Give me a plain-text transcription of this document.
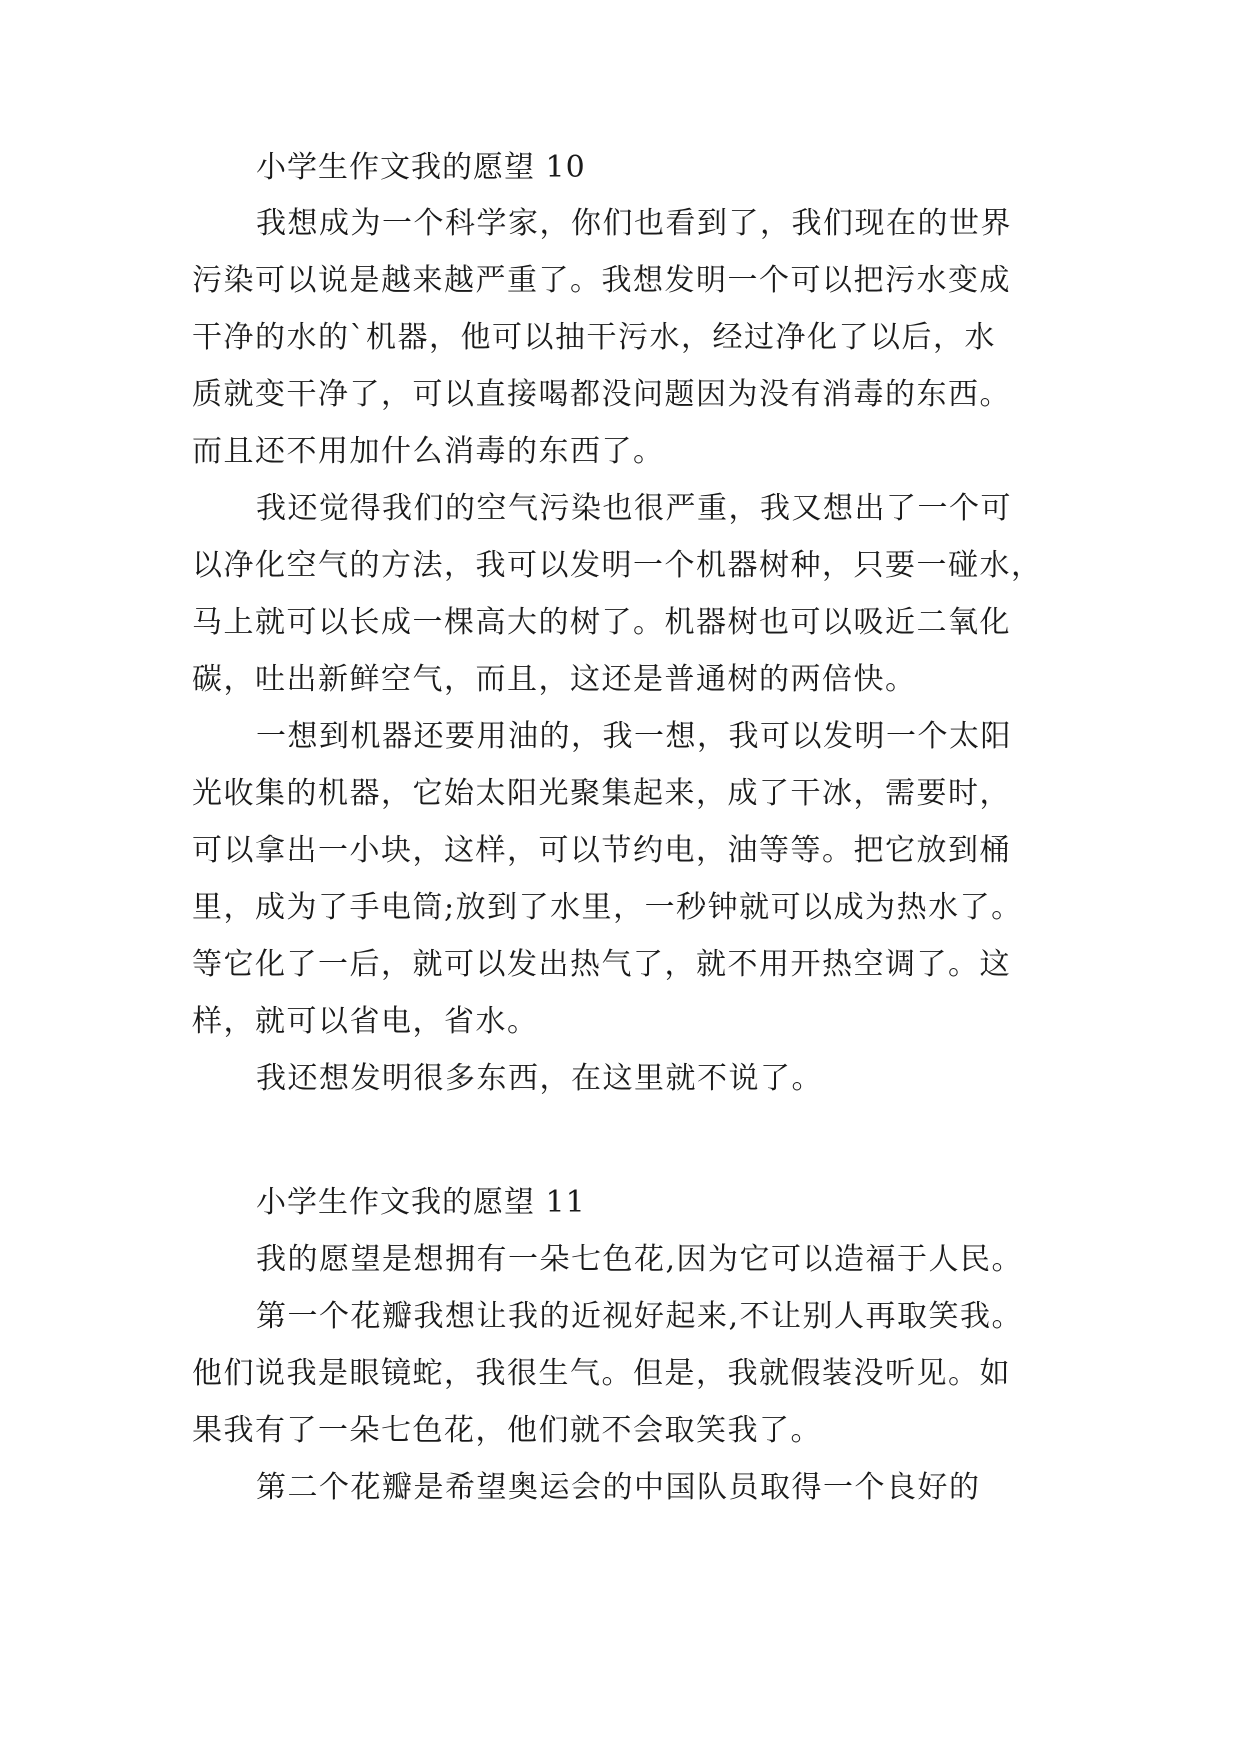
小学生作文我的愿望 10
我想成为一个科学家，你们也看到了，我们现在的世界
污染可以说是越来越严重了。我想发明一个可以把污水变成
干净的水的`机器，他可以抽干污水，经过净化了以后，水
质就变干净了，可以直接喝都没问题因为没有消毒的东西。
而且还不用加什么消毒的东西了。
我还觉得我们的空气污染也很严重，我又想出了一个可
以净化空气的方法，我可以发明一个机器树种，只要一碰水，
马上就可以长成一棵高大的树了。机器树也可以吸近二氧化
碳，吐出新鲜空气，而且，这还是普通树的两倍快。
一想到机器还要用油的，我一想，我可以发明一个太阳
光收集的机器，它始太阳光聚集起来，成了干冰，需要时，
可以拿出一小块，这样，可以节约电，油等等。把它放到桶
里，成为了手电筒;放到了水里，一秒钟就可以成为热水了。
等它化了一后，就可以发出热气了，就不用开热空调了。这
样，就可以省电，省水。
我还想发明很多东西，在这里就不说了。
小学生作文我的愿望 11
我的愿望是想拥有一朵七色花,因为它可以造福于人民。
第一个花瓣我想让我的近视好起来,不让别人再取笑我。
他们说我是眼镜蛇，我很生气。但是，我就假装没听见。如
果我有了一朵七色花，他们就不会取笑我了。
第二个花瓣是希望奥运会的中国队员取得一个良好的
